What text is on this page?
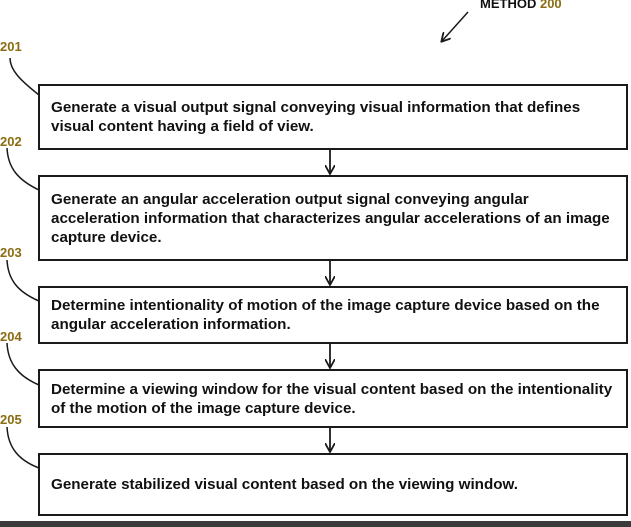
METHOD 200
201
202
203
204
205
Generate a visual output signal conveying visual information that defines visual content having a field of view.
Generate an angular acceleration output signal conveying angular acceleration information that characterizes angular accelerations of an image capture device.
Determine intentionality of motion of the image capture device based on the angular acceleration information.
Determine a viewing window for the visual content based on the intentionality of the motion of the image capture device.
Generate stabilized visual content based on the viewing window.
